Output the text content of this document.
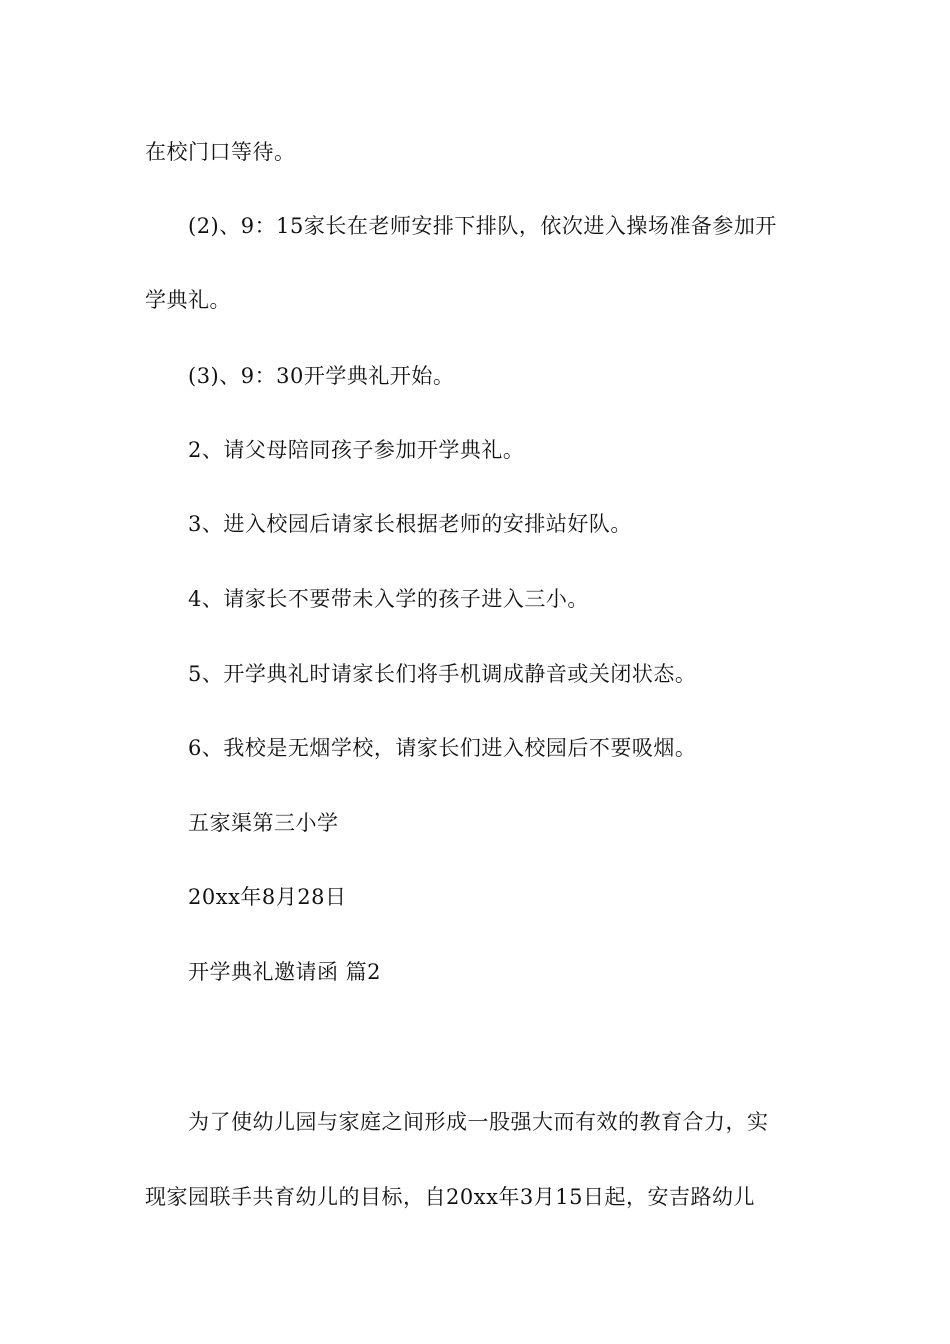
在校门口等待。
(2)、9：15家长在老师安排下排队，依次进入操场准备参加开
学典礼。
(3)、9：30开学典礼开始。
2、请父母陪同孩子参加开学典礼。
3、进入校园后请家长根据老师的安排站好队。
4、请家长不要带未入学的孩子进入三小。
5、开学典礼时请家长们将手机调成静音或关闭状态。
6、我校是无烟学校，请家长们进入校园后不要吸烟。
五家渠第三小学
20xx年8月28日
开学典礼邀请函 篇2
为了使幼儿园与家庭之间形成一股强大而有效的教育合力，实
现家园联手共育幼儿的目标，自20xx年3月15日起，安吉路幼儿
